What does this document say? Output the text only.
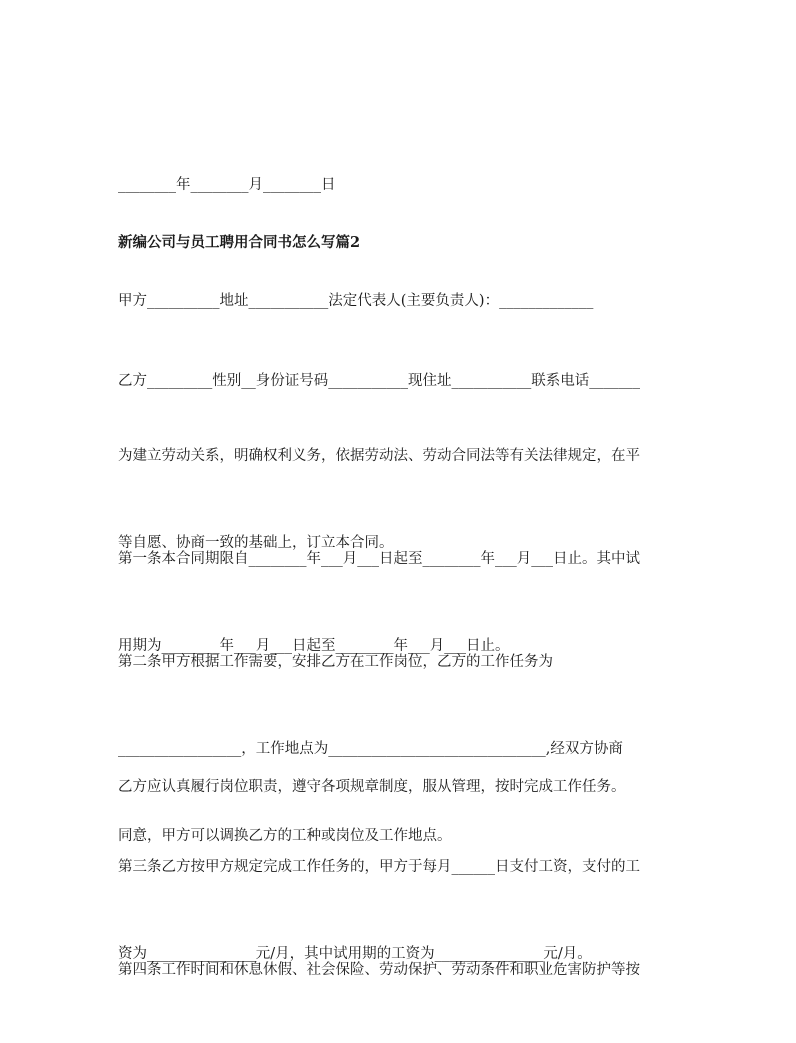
________年________月________日

新编公司与员工聘用合同书怎么写篇2

甲方__________地址___________法定代表人(主要负责人)：_____________

乙方_________性别__身份证号码___________现住址___________联系电话_______

为建立劳动关系，明确权利义务，依据劳动法、劳动合同法等有关法律规定，在平

等自愿、协商一致的基础上，订立本合同。

第一条本合同期限自________年___月___日起至________年___月___日止。其中试

用期为________年___月___日起至________年___月___日止。

第二条甲方根据工作需要，安排乙方在工作岗位，乙方的工作任务为

_________________，工作地点为______________________________,经双方协商

同意，甲方可以调换乙方的工种或岗位及工作地点。

乙方应认真履行岗位职责，遵守各项规章制度，服从管理，按时完成工作任务。

第三条乙方按甲方规定完成工作任务的，甲方于每月______日支付工资，支付的工

资为_______________元/月，其中试用期的工资为_______________元/月。

第四条工作时间和休息休假、社会保险、劳动保护、劳动条件和职业危害防护等按
